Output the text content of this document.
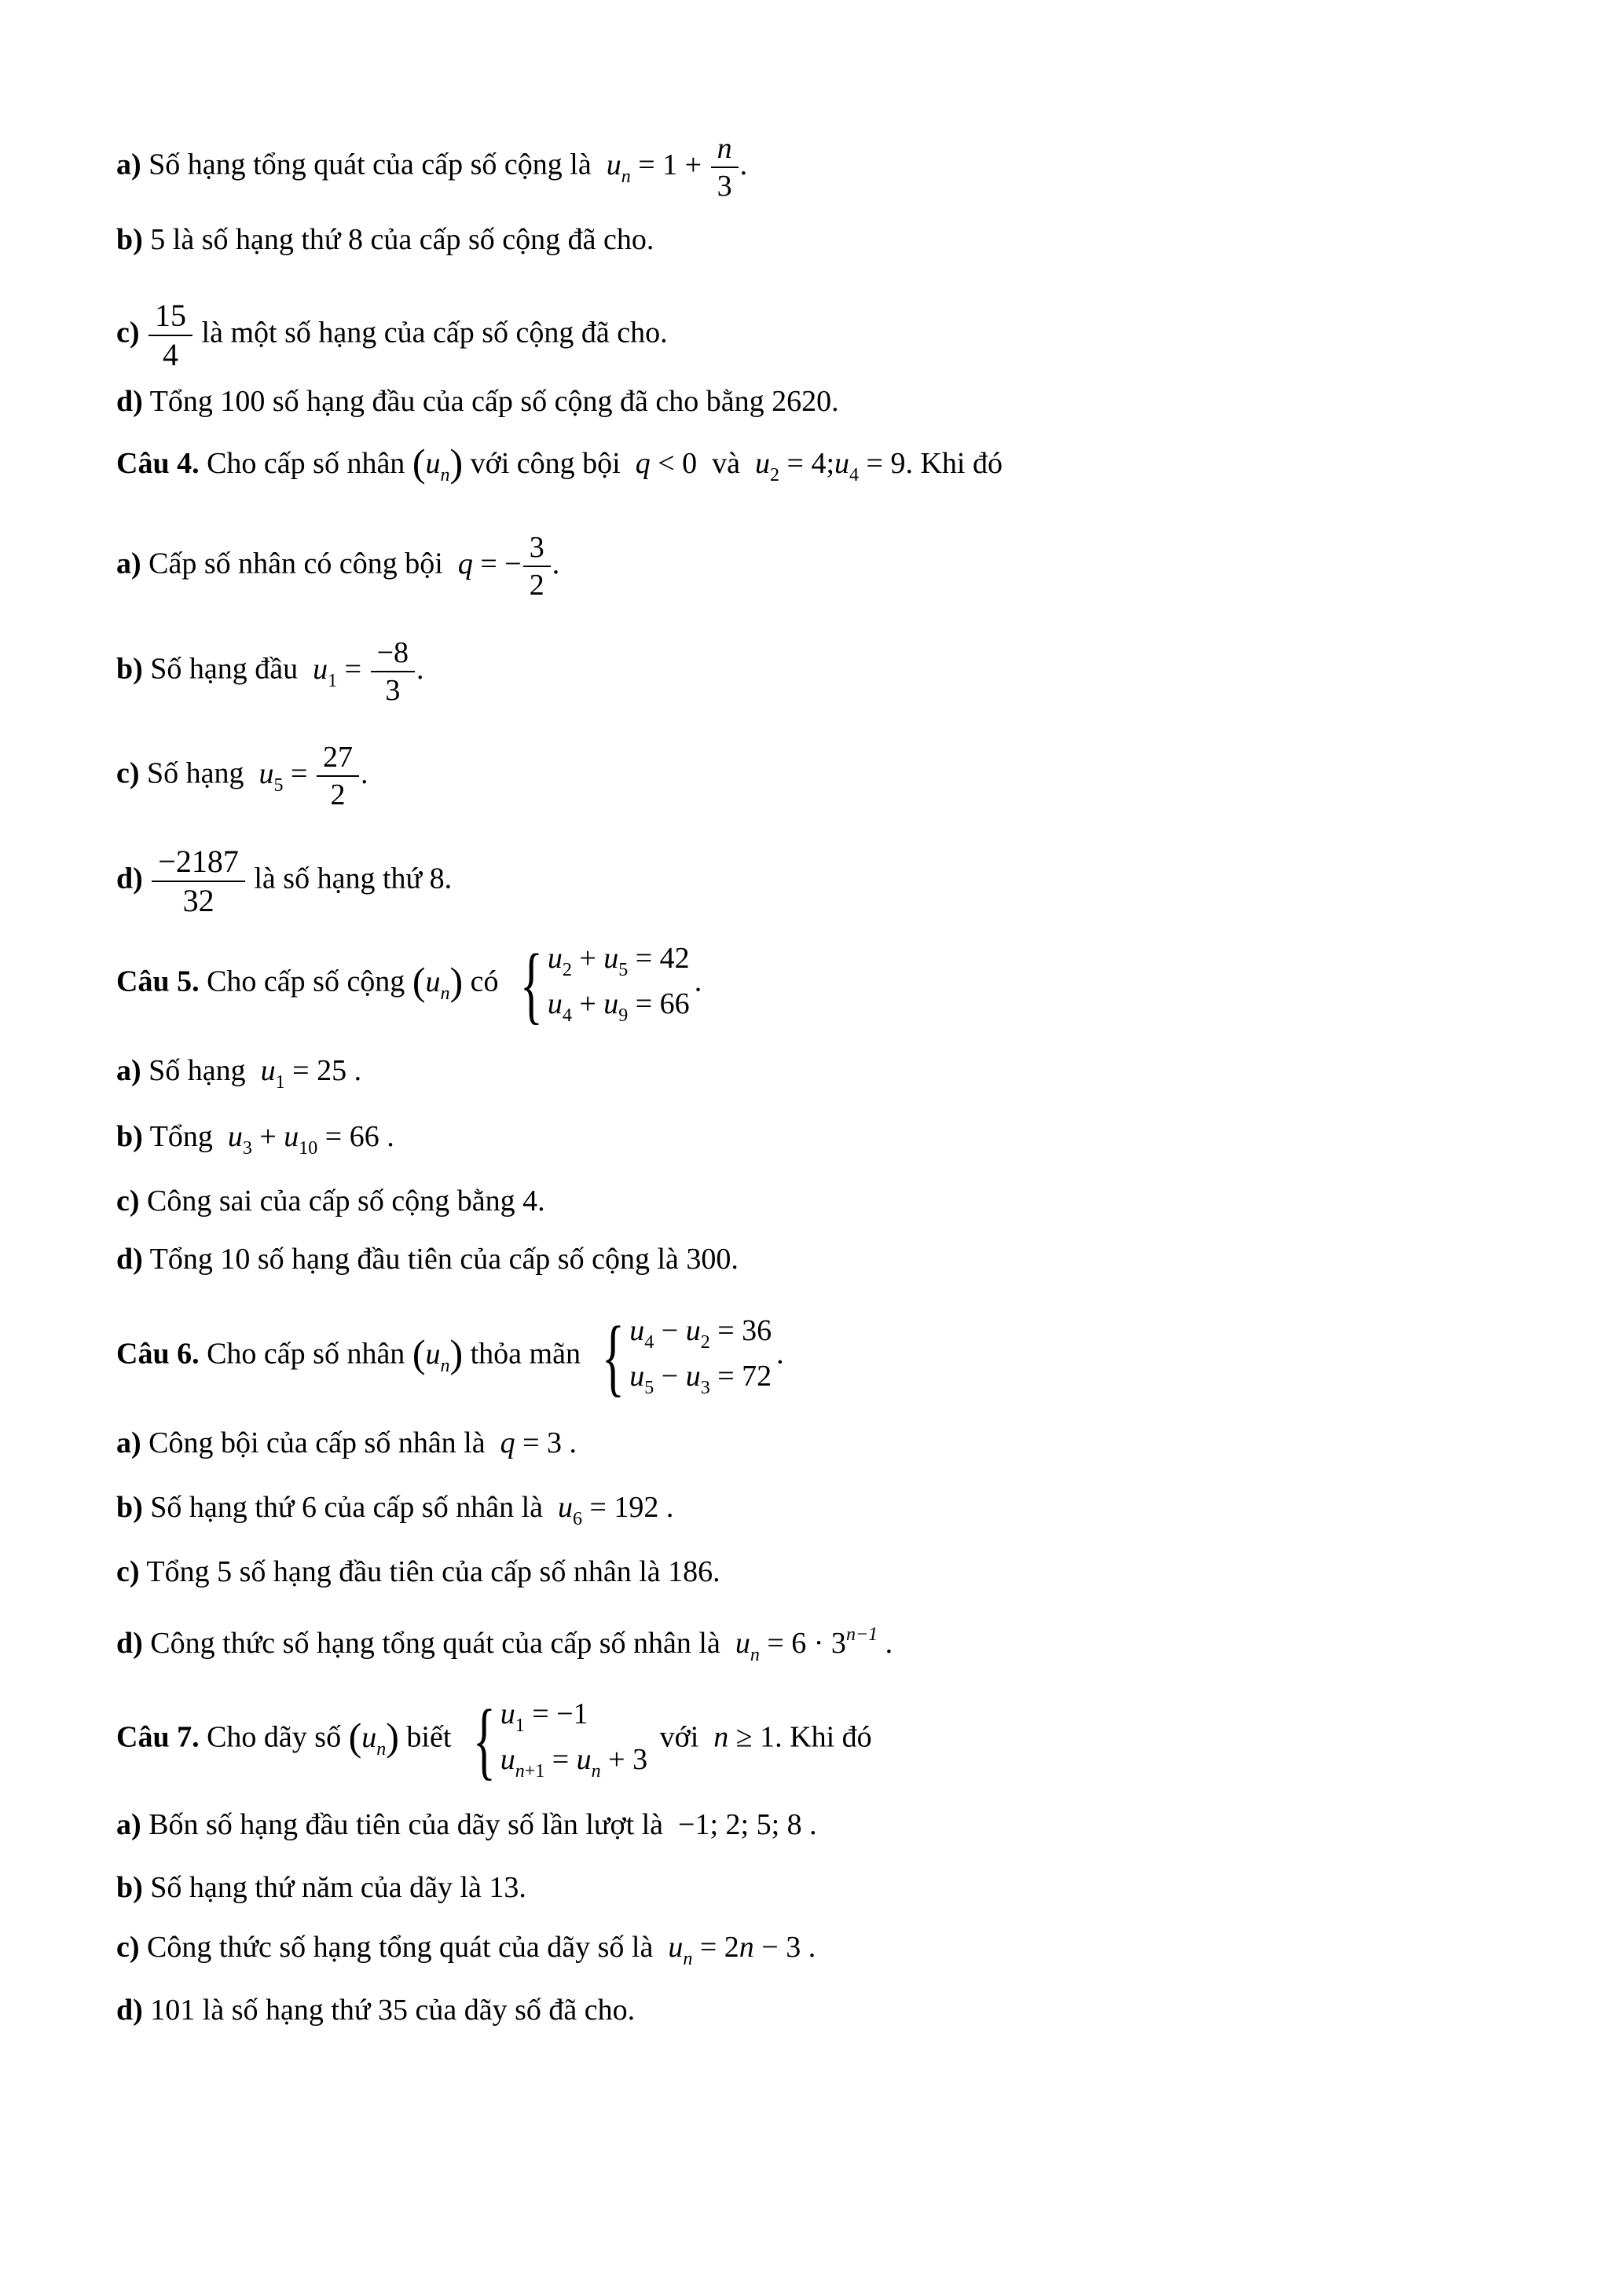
a) Số hạng tổng quát của cấp số cộng là $u_n = 1 + \frac{n}{3}$ .
b) 5 là số hạng thứ 8 của cấp số cộng đã cho.
$c) \frac{15}{4}$ là một số hạng của cấp số cộng đã cho.
d) Tổng 100 số hạng đầu của cấp số cộng đã cho bằng 2620.
Câu 4. Cho cấp số nhân $(u_n)$ với công bội q < 0  và $u_2$ = $4;u_4 = 9$. Khi đó
a) Cấp số nhân có công bội q = − $\frac{3}{2}$ .
b) Số hạng đầu $u_1 = \frac{-8}{3}$ .
c) Số hạng $u_5 = \frac{27}{2}$ .
$d) \frac{-2187}{32}$ là số hạng thứ 8.
Câu 5. Cho cấp số cộng $(u_n)$ có { $u_2 + u_5 = 42$
$u_4 + u_9 = 66$
.
a) Số hạng $u_1 = 25$ .
b) Tổng $u_3 + u_{10} = 66$ .
c) Công sai của cấp số cộng bằng 4.
d) Tổng 10 số hạng đầu tiên của cấp số cộng là 300.
Câu 6. Cho cấp số nhân $(u_n)$ thỏa mãn { $u_4 - u_2 = 36$
$u_5 - u_3 = 72$
.
a) Công bội của cấp số nhân là q = 3 .
b) Số hạng thứ 6 của cấp số nhân là $u_6 = 192$ .
c) Tổng 5 số hạng đầu tiên của cấp số nhân là 186.
d) Công thức số hạng tổng quát của cấp số nhân là $u_n = 6 \cdot 3^{n-1}$ .
Câu 7. Cho dãy số $(u_n)$ biết { $u_1 = -1$
$u_{n+1} = u_n + 3$
với n ≥ 1. Khi đó
a) Bốn số hạng đầu tiên của dãy số lần lượt là  −1; 2; 5; 8 .
b) Số hạng thứ năm của dãy là 13.
c) Công thức số hạng tổng quát của dãy số là $u_n = 2n - 3$ .
d) 101 là số hạng thứ 35 của dãy số đã cho.
